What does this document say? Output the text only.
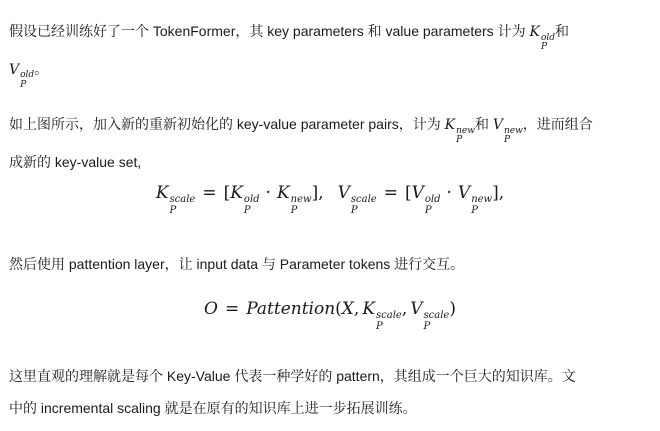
假设已经训练好了一个 TokenFormer，其 key parameters 和 value parameters 计为 K old
P
和
V old
P
。

如上图所示，加入新的重新初始化的 key-value parameter pairs，计为 K new
P
和 V new
P
，进而组合
成新的 key-value set,

K scale
P
= [K old
P
· K new
P
], V scale
P
= [V old
P
· V new
P
],

然后使用 pattention layer，让 input data 与 Parameter tokens 进行交互。

O = Pattention(X, K scale
P
, V scale
P
)

这里直观的理解就是每个 Key-Value 代表一种学好的 pattern，其组成一个巨大的知识库。文
中的 incremental scaling 就是在原有的知识库上进一步拓展训练。
